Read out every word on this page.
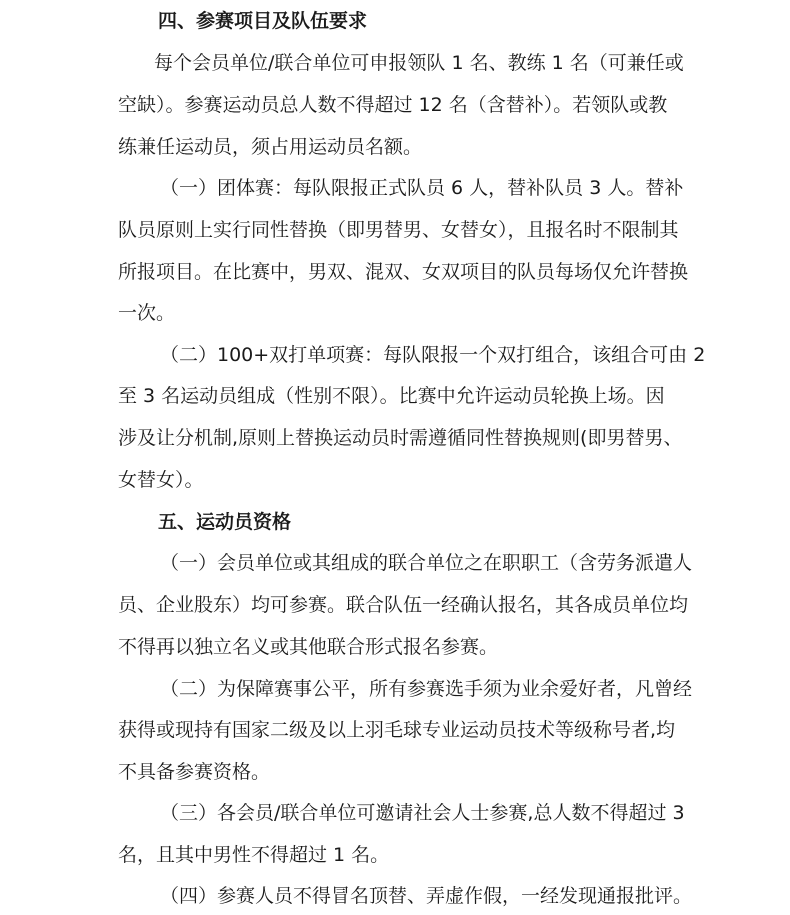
四、参赛项目及队伍要求

每个会员单位/联合单位可申报领队 1 名、教练 1 名（可兼任或

空缺）。参赛运动员总人数不得超过 12 名（含替补）。若领队或教

练兼任运动员，须占用运动员名额。

（一）团体赛：每队限报正式队员 6 人，替补队员 3 人。替补

队员原则上实行同性替换（即男替男、女替女），且报名时不限制其

所报项目。在比赛中，男双、混双、女双项目的队员每场仅允许替换

一次。

（二）100+双打单项赛：每队限报一个双打组合，该组合可由 2

至 3 名运动员组成（性别不限）。比赛中允许运动员轮换上场。因

涉及让分机制,原则上替换运动员时需遵循同性替换规则(即男替男、

女替女）。

五、运动员资格

（一）会员单位或其组成的联合单位之在职职工（含劳务派遣人

员、企业股东）均可参赛。联合队伍一经确认报名，其各成员单位均

不得再以独立名义或其他联合形式报名参赛。

（二）为保障赛事公平，所有参赛选手须为业余爱好者，凡曾经

获得或现持有国家二级及以上羽毛球专业运动员技术等级称号者,均

不具备参赛资格。

（三）各会员/联合单位可邀请社会人士参赛,总人数不得超过 3

名，且其中男性不得超过 1 名。

（四）参赛人员不得冒名顶替、弄虚作假，一经发现通报批评。
